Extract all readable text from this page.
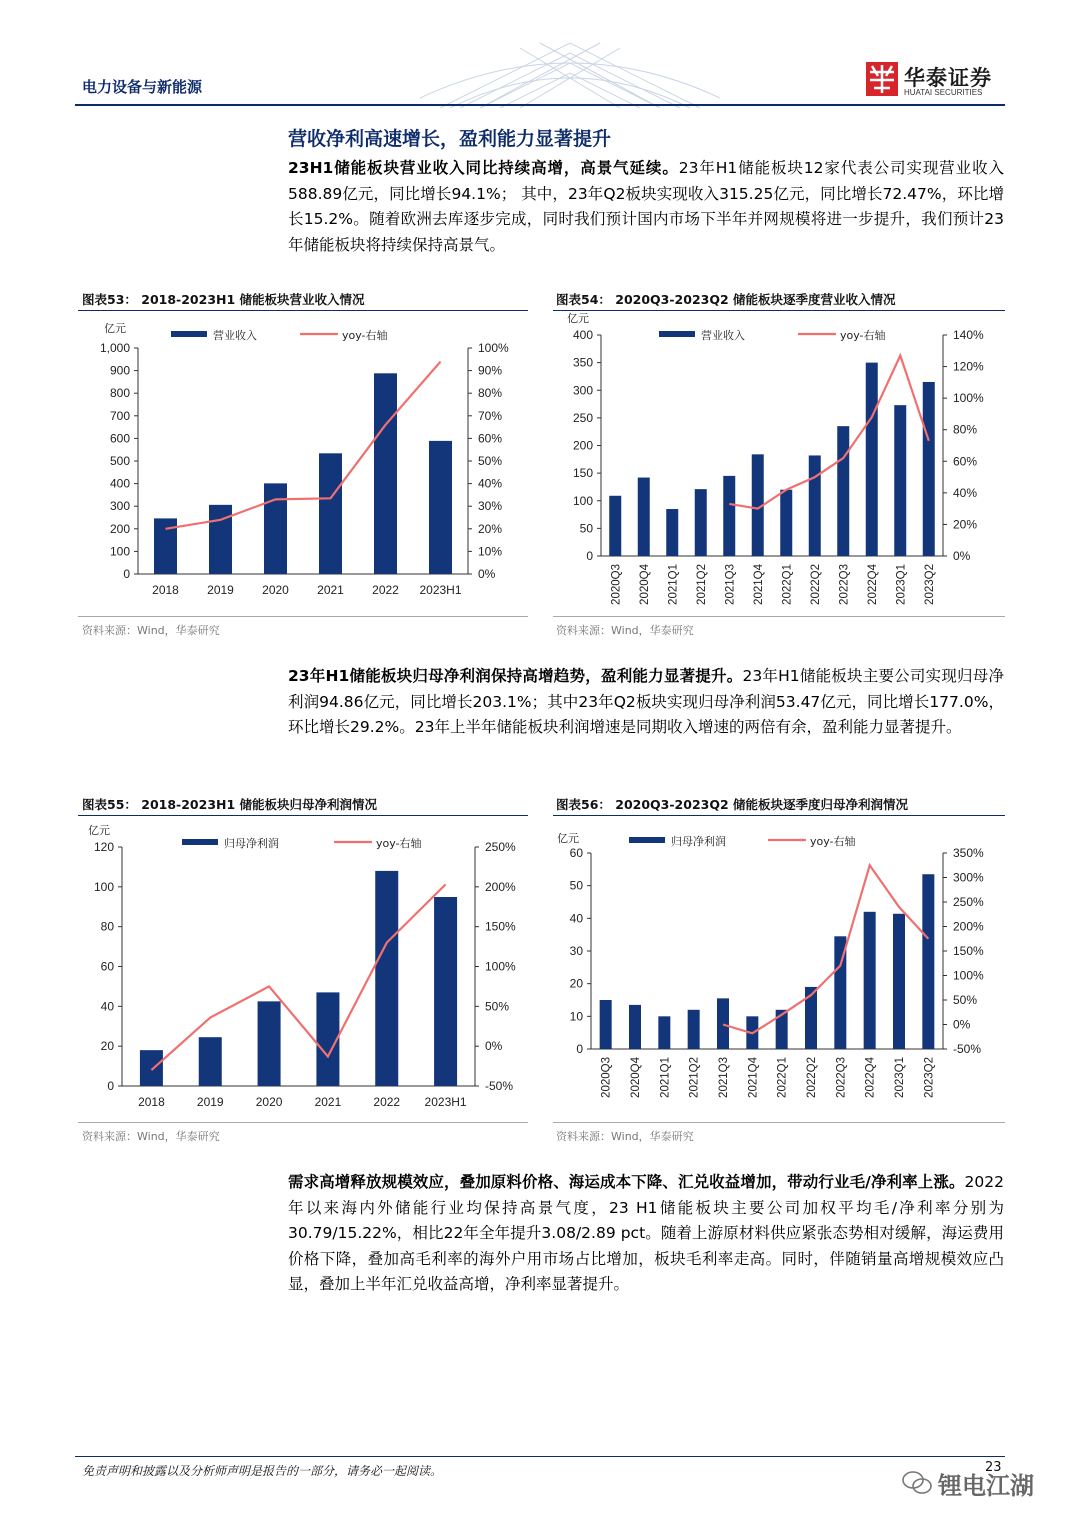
电力设备与新能源	华泰证券
HUATAI SECURITIES
营收净利高速增长，盈利能力显著提升
23H1储能板块营业收入同比持续高增，高景气延续。23年H1储能板块12家代表公司实现营业收入588.89亿元，同比增长94.1%； 其中，23年Q2板块实现收入315.25亿元，同比增长72.47%，环比增长15.2%。随着欧洲去库逐步完成，同时我们预计国内市场下半年并网规模将进一步提升，我们预计23年储能板块将持续保持高景气。
图表53： 2018-2023H1 储能板块营业收入情况
亿元
0
100
200
300
400
500
600
700
800
900
1,000
0%
10%
20%
30%
40%
50%
60%
70%
80%
90%
100%
2018 2019 2020 2021 2022 2023H1
营业收入	yoy-右轴
资料来源：Wind，华泰研究
图表54： 2020Q3-2023Q2 储能板块逐季度营业收入情况
亿元
0
50
100
150
200
250
300
350
400
0%
20%
40%
60%
80%
100%
120%
140%
2020Q3 2020Q4 2021Q1 2021Q2 2021Q3 2021Q4 2022Q1 2022Q2 2022Q3 2022Q4 2023Q1 2023Q2
营业收入	yoy-右轴
资料来源：Wind，华泰研究
23年H1储能板块归母净利润保持高增趋势，盈利能力显著提升。23年H1储能板块主要公司实现归母净利润94.86亿元，同比增长203.1%；其中23年Q2板块实现归母净利润53.47亿元，同比增长177.0%，环比增长29.2%。23年上半年储能板块利润增速是同期收入增速的两倍有余，盈利能力显著提升。
图表55： 2018-2023H1 储能板块归母净利润情况
亿元
0
20
40
60
80
100
120
-50%
0%
50%
100%
150%
200%
250%
2018	2019	2020	2021	2022 2023H1
归母净利润	yoy-右轴
资料来源：Wind，华泰研究
图表56： 2020Q3-2023Q2 储能板块逐季度归母净利润情况
亿元
0
10
20
30
40
50
60
-50%
0%
50%
100%
150%
200%
250%
300%
350%
2020Q3 2020Q4 2021Q1 2021Q2 2021Q3 2021Q4 2022Q1 2022Q2 2022Q3 2022Q4 2023Q1 2023Q2
归母净利润	yoy-右轴
资料来源：Wind，华泰研究
需求高增释放规模效应，叠加原料价格、海运成本下降、汇兑收益增加，带动行业毛/净利率上涨。2022年以来海内外储能行业均保持高景气度，23 H1储能板块主要公司加权平均毛/净利率分别为30.79/15.22%，相比22年全年提升3.08/2.89 pct。随着上游原材料供应紧张态势相对缓解，海运费用价格下降，叠加高毛利率的海外户用市场占比增加，板块毛利率走高。同时，伴随销量高增规模效应凸显，叠加上半年汇兑收益高增，净利率显著提升。
免责声明和披露以及分析师声明是报告的一部分，请务必一起阅读。	23
锂电江湖
